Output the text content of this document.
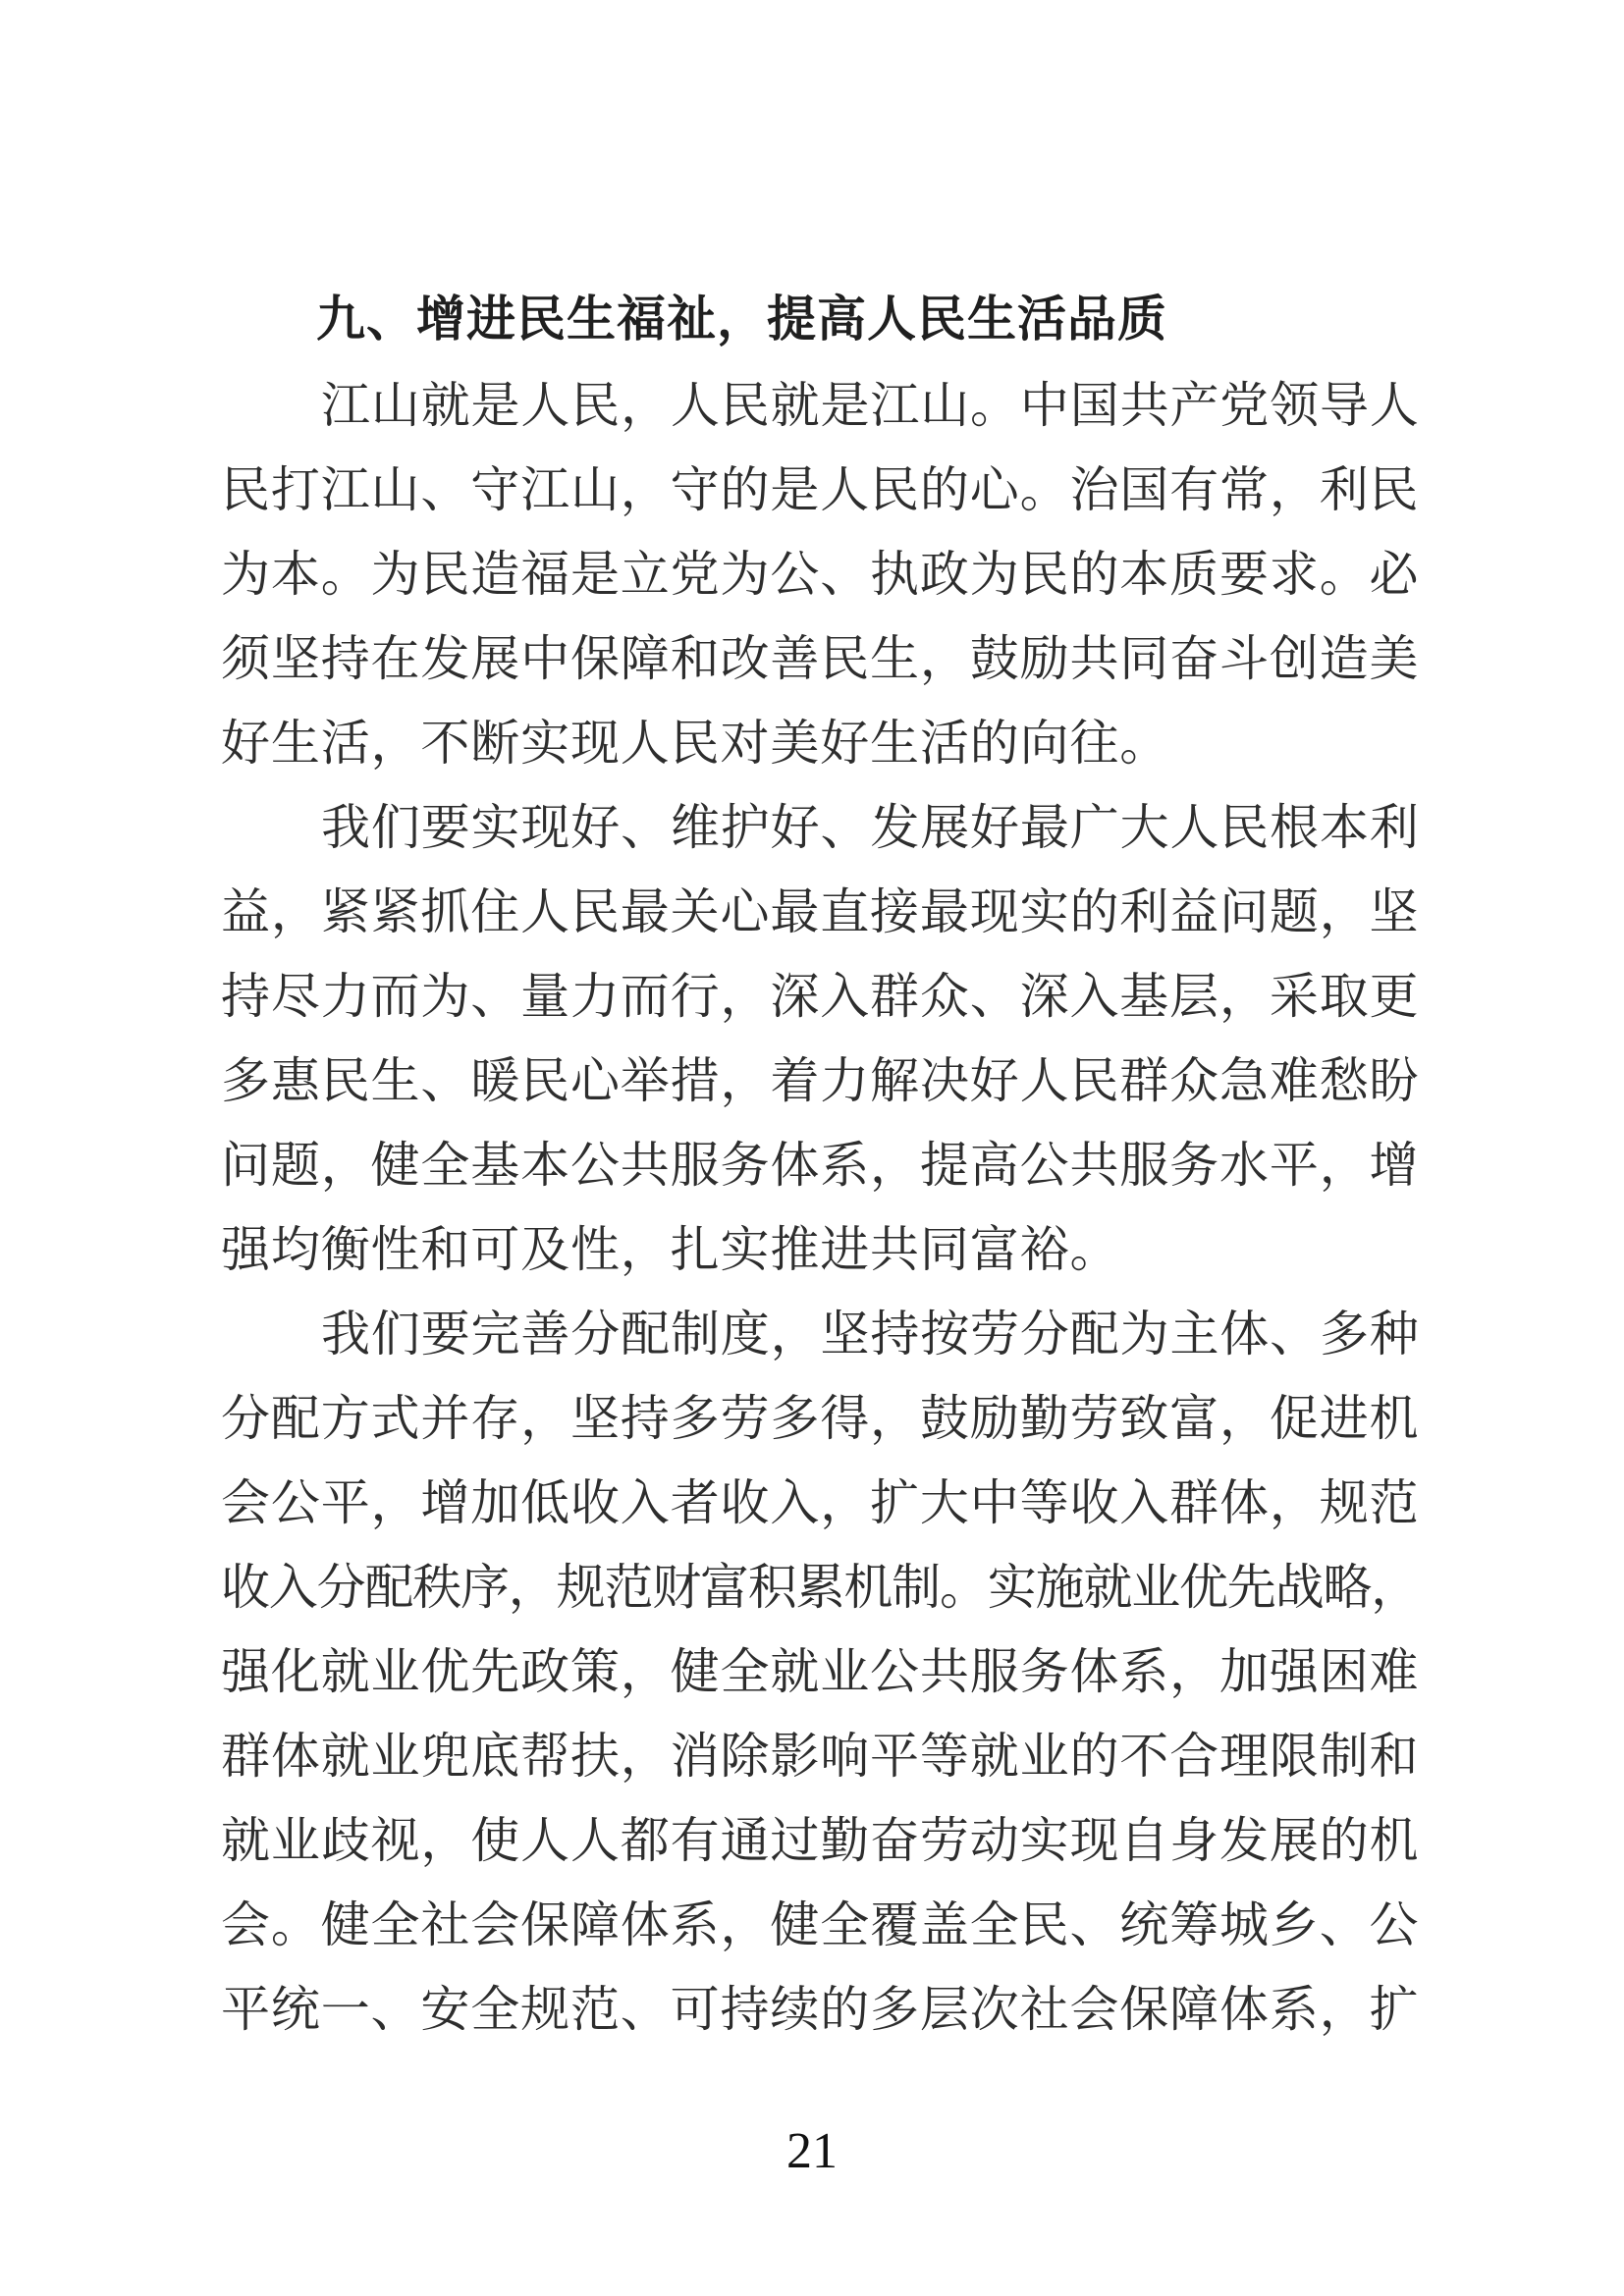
九、增进民生福祉，提高人民生活品质
江山就是人民，人民就是江山。中国共产党领导人
民打江山、守江山，守的是人民的心。治国有常，利民
为本。为民造福是立党为公、执政为民的本质要求。必
须坚持在发展中保障和改善民生，鼓励共同奋斗创造美
好生活，不断实现人民对美好生活的向往。
我们要实现好、维护好、发展好最广大人民根本利
益，紧紧抓住人民最关心最直接最现实的利益问题，坚
持尽力而为、量力而行，深入群众、深入基层，采取更
多惠民生、暖民心举措，着力解决好人民群众急难愁盼
问题，健全基本公共服务体系，提高公共服务水平，增
强均衡性和可及性，扎实推进共同富裕。
我们要完善分配制度，坚持按劳分配为主体、多种
分配方式并存，坚持多劳多得，鼓励勤劳致富，促进机
会公平，增加低收入者收入，扩大中等收入群体，规范
收入分配秩序，规范财富积累机制。实施就业优先战略，
强化就业优先政策，健全就业公共服务体系，加强困难
群体就业兜底帮扶，消除影响平等就业的不合理限制和
就业歧视，使人人都有通过勤奋劳动实现自身发展的机
会。健全社会保障体系，健全覆盖全民、统筹城乡、公
平统一、安全规范、可持续的多层次社会保障体系，扩
21
